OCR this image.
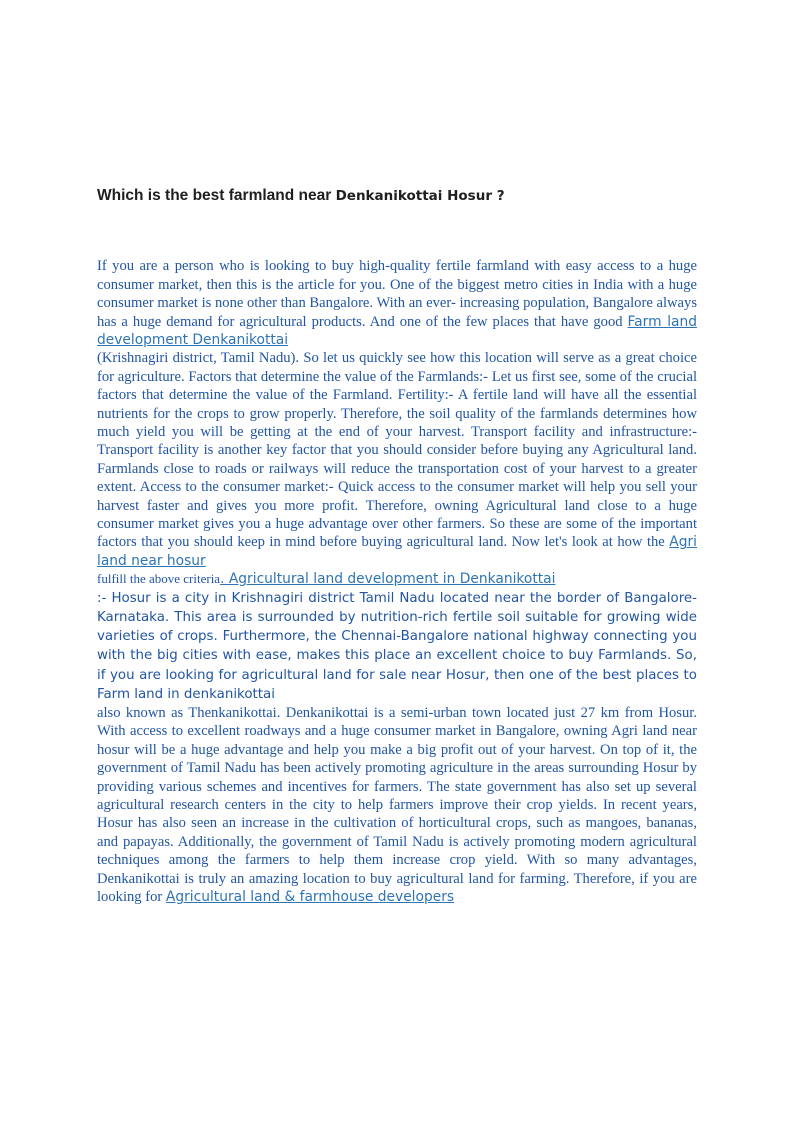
Which is the best farmland near Denkanikottai Hosur ?

If you are a person who is looking to buy high-quality fertile farmland with easy access to a huge consumer market, then this is the article for you. One of the biggest metro cities in India with a huge consumer market is none other than Bangalore. With an ever- increasing population, Bangalore always has a huge demand for agricultural products. And one of the few places that have good Farm land development Denkanikottai

(Krishnagiri district, Tamil Nadu). So let us quickly see how this location will serve as a great choice for agriculture. Factors that determine the value of the Farmlands:- Let us first see, some of the crucial factors that determine the value of the Farmland. Fertility:- A fertile land will have all the essential nutrients for the crops to grow properly. Therefore, the soil quality of the farmlands determines how much yield you will be getting at the end of your harvest. Transport facility and infrastructure:- Transport facility is another key factor that you should consider before buying any Agricultural land. Farmlands close to roads or railways will reduce the transportation cost of your harvest to a greater extent. Access to the consumer market:- Quick access to the consumer market will help you sell your harvest faster and gives you more profit. Therefore, owning Agricultural land close to a huge consumer market gives you a huge advantage over other farmers. So these are some of the important factors that you should keep in mind before buying agricultural land. Now let's look at how the Agri land near hosur

fulfill the above criteria. Agricultural land development in Denkanikottai

:- Hosur is a city in Krishnagiri district Tamil Nadu located near the border of Bangalore-Karnataka. This area is surrounded by nutrition-rich fertile soil suitable for growing wide varieties of crops. Furthermore, the Chennai-Bangalore national highway connecting you with the big cities with ease, makes this place an excellent choice to buy Farmlands. So, if you are looking for agricultural land for sale near Hosur, then one of the best places to Farm land in denkanikottai

also known as Thenkanikottai. Denkanikottai is a semi-urban town located just 27 km from Hosur. With access to excellent roadways and a huge consumer market in Bangalore, owning Agri land near hosur will be a huge advantage and help you make a big profit out of your harvest. On top of it, the government of Tamil Nadu has been actively promoting agriculture in the areas surrounding Hosur by providing various schemes and incentives for farmers. The state government has also set up several agricultural research centers in the city to help farmers improve their crop yields. In recent years, Hosur has also seen an increase in the cultivation of horticultural crops, such as mangoes, bananas, and papayas. Additionally, the government of Tamil Nadu is actively promoting modern agricultural techniques among the farmers to help them increase crop yield. With so many advantages, Denkanikottai is truly an amazing location to buy agricultural land for farming. Therefore, if you are looking for Agricultural land & farmhouse developers
